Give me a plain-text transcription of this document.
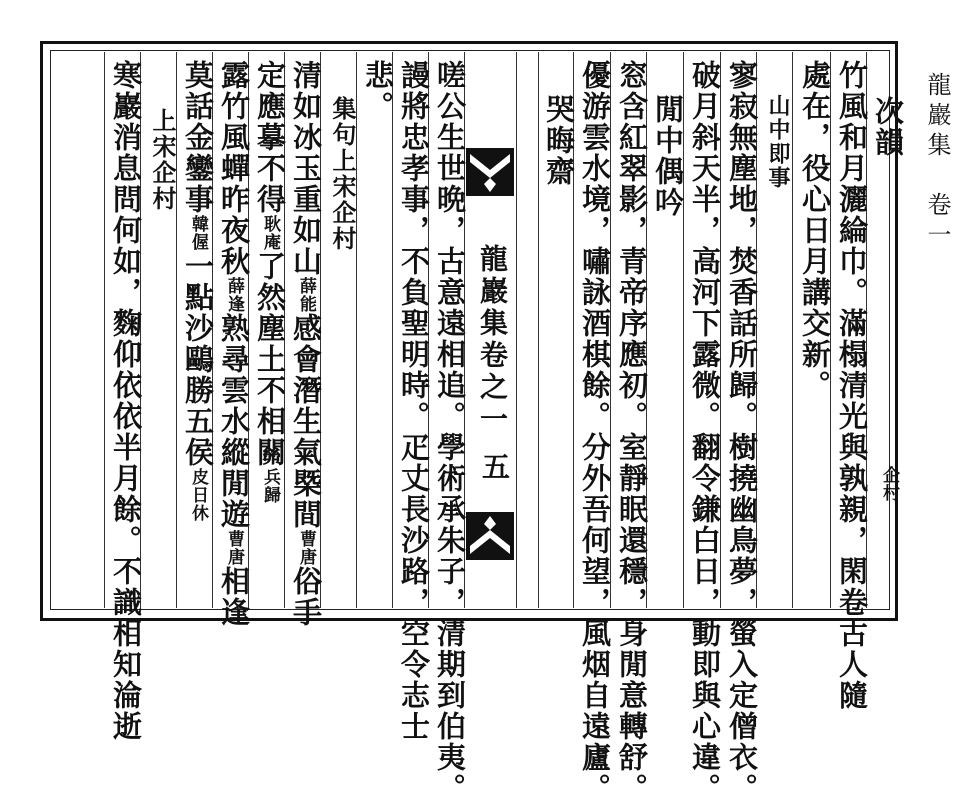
龍巖集　卷一
次韻
企村
竹風和月灑綸巾。滿榻清光與孰親，閑卷古人隨
處在，役心日月講交新。
山中即事
寥寂無塵地，焚香話所歸。樹撓幽鳥夢，螢入定僧衣。
破月斜天半，高河下露微。翻令鎌白日，動即與心違。
閒中偶吟
窓含紅翠影，青帝序應初。室靜眠還穩，身閒意轉舒。
優游雲水境，嘯詠酒棋餘。分外吾何望，風烟自遠廬。
哭晦齋
龍巖集卷之一
五
嗟公生世晩，古意遠相追。學術承朱子，清期到伯夷。
謾將忠孝事，不負聖明時。疋丈長沙路，空令志士
悲。
集句上宋企村
清如冰玉重如山薛能感會潛生氣槩間曹唐俗手
定應摹不得耿庵了然塵土不相關兵歸
露竹風蟬昨夜秋薛逢熟尋雲水縱閒遊曹唐相逢
莫話金鑾事韓偓一點沙鷗勝五侯皮日休
上宋企村
寒巖消息問何如，麴仰依依半月餘。不識相知淪逝
